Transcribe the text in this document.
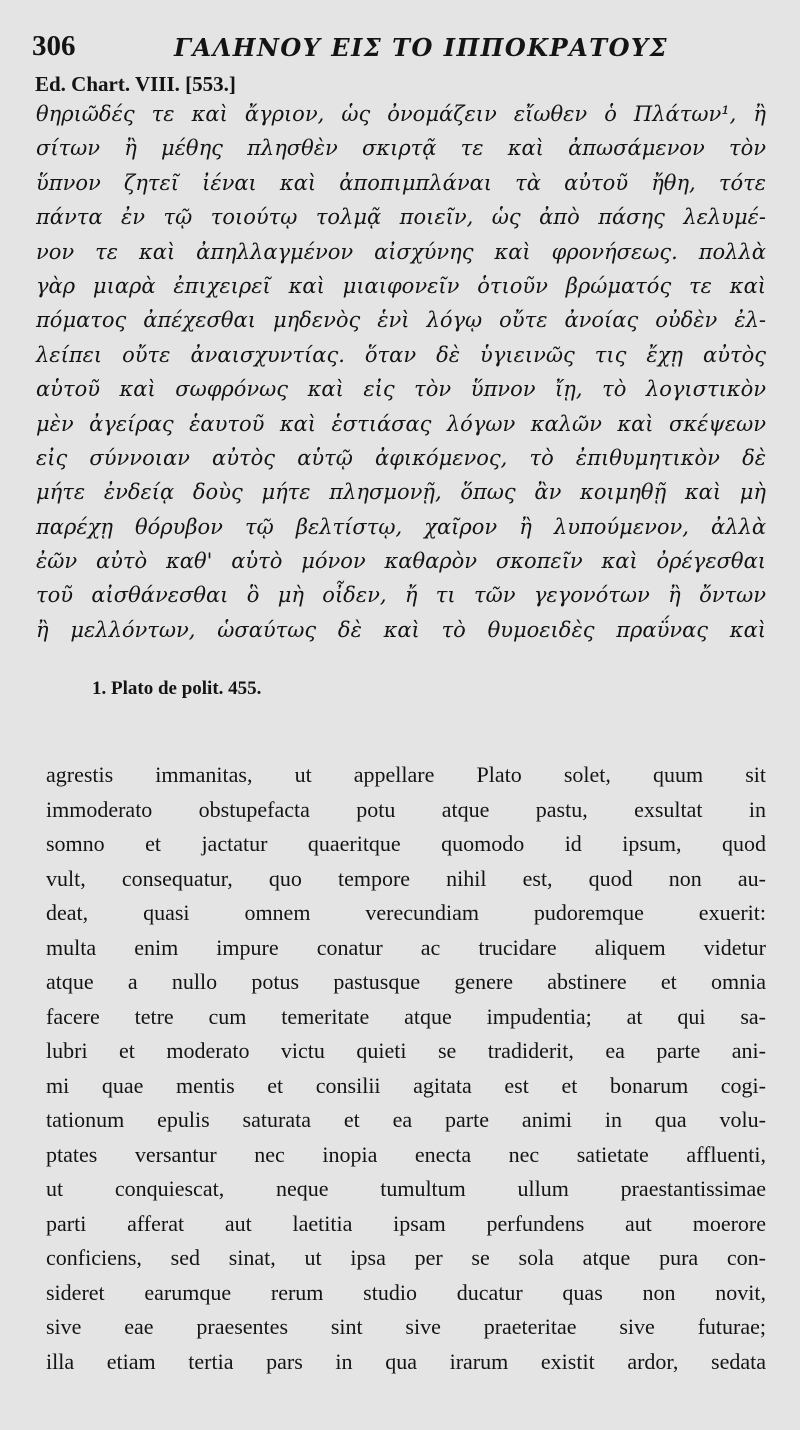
306	ΓΑΛΗΝΟΥ ΕΙΣ ΤΟ ΙΠΠΟΚΡΑΤΟΥΣ
Ed. Chart. VIII. [553.]
θηριῶδές τε καὶ ἄγριον, ὡς ὀνομάζειν εἴωθεν ὁ Πλάτων¹, ἢ
σίτων ἢ μέθης πλησθὲν σκιρτᾷ τε καὶ ἀπωσάμενον τὸν
ὕπνον ζητεῖ ἰέναι καὶ ἀποπιμπλάναι τὰ αὐτοῦ ἤθη, τότε
πάντα ἐν τῷ τοιούτῳ τολμᾷ ποιεῖν, ὡς ἀπὸ πάσης λελυμέ-
νον τε καὶ ἀπηλλαγμένον αἰσχύνης καὶ φρονήσεως. πολλὰ
γὰρ μιαρὰ ἐπιχειρεῖ καὶ μιαιφονεῖν ὁτιοῦν βρώματός τε καὶ
πόματος ἀπέχεσθαι μηδενὸς ἑνὶ λόγῳ οὔτε ἀνοίας οὐδὲν ἐλ-
λείπει οὔτε ἀναισχυντίας. ὅταν δὲ ὑγιεινῶς τις ἔχῃ αὐτὸς
αὑτοῦ καὶ σωφρόνως καὶ εἰς τὸν ὕπνον ἴῃ, τὸ λογιστικὸν
μὲν ἀγείρας ἑαυτοῦ καὶ ἑστιάσας λόγων καλῶν καὶ σκέψεων
εἰς σύννοιαν αὐτὸς αὑτῷ ἀφικόμενος, τὸ ἐπιθυμητικὸν δὲ
μήτε ἐνδείᾳ δοὺς μήτε πλησμονῇ, ὅπως ἂν κοιμηθῇ καὶ μὴ
παρέχῃ θόρυβον τῷ βελτίστῳ, χαῖρον ἢ λυπούμενον, ἀλλὰ
ἐῶν αὐτὸ καθ' αὑτὸ μόνον καθαρὸν σκοπεῖν καὶ ὀρέγεσθαι
τοῦ αἰσθάνεσθαι ὃ μὴ οἶδεν, ἤ τι τῶν γεγονότων ἢ ὄντων
ἢ μελλόντων, ὡσαύτως δὲ καὶ τὸ θυμοειδὲς πραΰνας καὶ
1. Plato de polit. 455.
agrestis immanitas, ut appellare Plato solet, quum sit
immoderato obstupefacta potu atque pastu, exsultat in
somno et jactatur quaeritque quomodo id ipsum, quod
vult, consequatur, quo tempore nihil est, quod non au-
deat, quasi omnem verecundiam pudoremque exuerit:
multa enim impure conatur ac trucidare aliquem videtur
atque a nullo potus pastusque genere abstinere et omnia
facere tetre cum temeritate atque impudentia; at qui sa-
lubri et moderato victu quieti se tradiderit, ea parte ani-
mi quae mentis et consilii agitata est et bonarum cogi-
tationum epulis saturata et ea parte animi in qua volu-
ptates versantur nec inopia enecta nec satietate affluenti,
ut conquiescat, neque tumultum ullum praestantissimae
parti afferat aut laetitia ipsam perfundens aut moerore
conficiens, sed sinat, ut ipsa per se sola atque pura con-
sideret earumque rerum studio ducatur quas non novit,
sive eae praesentes sint sive praeteritae sive futurae;
illa etiam tertia pars in qua irarum existit ardor, sedata
